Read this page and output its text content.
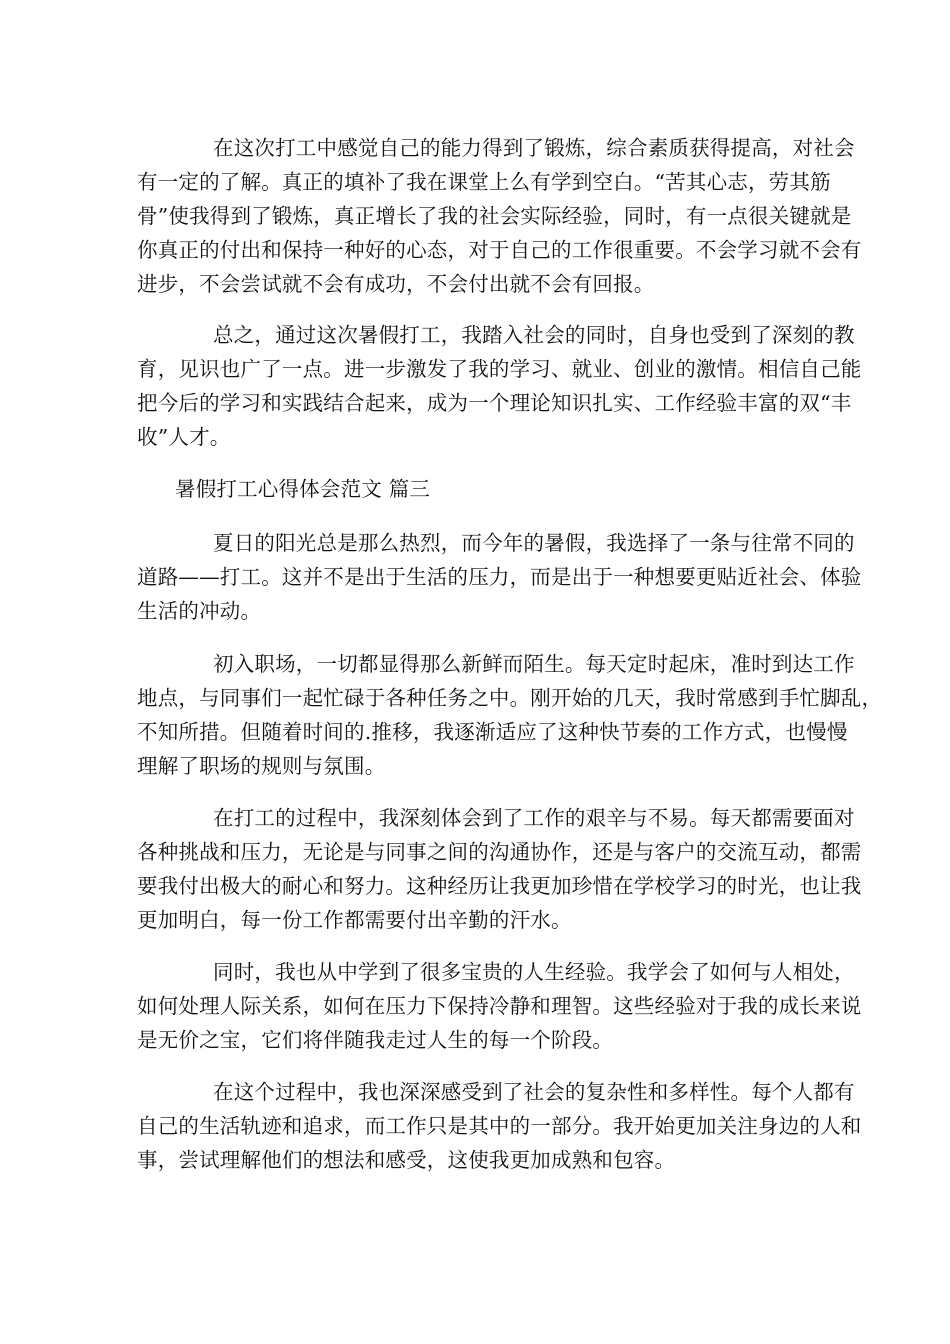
在这次打工中感觉自己的能力得到了锻炼，综合素质获得提高，对社会
有一定的了解。真正的填补了我在课堂上么有学到空白。“苦其心志，劳其筋
骨”使我得到了锻炼，真正增长了我的社会实际经验，同时，有一点很关键就是
你真正的付出和保持一种好的心态，对于自己的工作很重要。不会学习就不会有
进步，不会尝试就不会有成功，不会付出就不会有回报。
总之，通过这次暑假打工，我踏入社会的同时，自身也受到了深刻的教
育，见识也广了一点。进一步激发了我的学习、就业、创业的激情。相信自己能
把今后的学习和实践结合起来，成为一个理论知识扎实、工作经验丰富的双“丰
收”人才。
暑假打工心得体会范文 篇三
夏日的阳光总是那么热烈，而今年的暑假，我选择了一条与往常不同的
道路——打工。这并不是出于生活的压力，而是出于一种想要更贴近社会、体验
生活的冲动。
初入职场，一切都显得那么新鲜而陌生。每天定时起床，准时到达工作
地点，与同事们一起忙碌于各种任务之中。刚开始的几天，我时常感到手忙脚乱，
不知所措。但随着时间的.推移，我逐渐适应了这种快节奏的工作方式，也慢慢
理解了职场的规则与氛围。
在打工的过程中，我深刻体会到了工作的艰辛与不易。每天都需要面对
各种挑战和压力，无论是与同事之间的沟通协作，还是与客户的交流互动，都需
要我付出极大的耐心和努力。这种经历让我更加珍惜在学校学习的时光，也让我
更加明白，每一份工作都需要付出辛勤的汗水。
同时，我也从中学到了很多宝贵的人生经验。我学会了如何与人相处，
如何处理人际关系，如何在压力下保持冷静和理智。这些经验对于我的成长来说
是无价之宝，它们将伴随我走过人生的每一个阶段。
在这个过程中，我也深深感受到了社会的复杂性和多样性。每个人都有
自己的生活轨迹和追求，而工作只是其中的一部分。我开始更加关注身边的人和
事，尝试理解他们的想法和感受，这使我更加成熟和包容。
